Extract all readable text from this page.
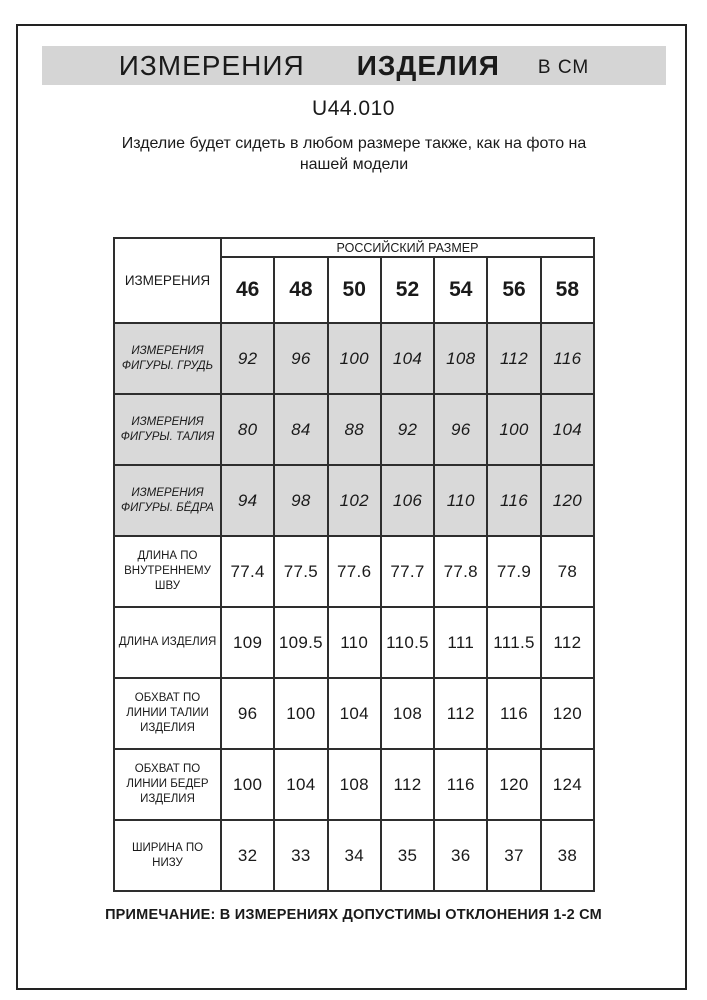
ИЗМЕРЕНИЯ ИЗДЕЛИЯ В СМ
U44.010
Изделие будет сидеть в любом размере также, как на фото на нашей модели
ИЗМЕРЕНИЯ	РОССИЙСКИЙ РАЗМЕР						
	46	48	50	52	54	56	58
ИЗМЕРЕНИЯ ФИГУРЫ. ГРУДЬ	92	96	100	104	108	112	116
ИЗМЕРЕНИЯ ФИГУРЫ. ТАЛИЯ	80	84	88	92	96	100	104
ИЗМЕРЕНИЯ ФИГУРЫ. БЁДРА	94	98	102	106	110	116	120
ДЛИНА ПО ВНУТРЕННЕМУ ШВУ	77.4	77.5	77.6	77.7	77.8	77.9	78
ДЛИНА ИЗДЕЛИЯ	109	109.5	110	110.5	111	111.5	112
ОБХВАТ ПО ЛИНИИ ТАЛИИ ИЗДЕЛИЯ	96	100	104	108	112	116	120
ОБХВАТ ПО ЛИНИИ БЕДЕР ИЗДЕЛИЯ	100	104	108	112	116	120	124
ШИРИНА ПО НИЗУ	32	33	34	35	36	37	38
ПРИМЕЧАНИЕ: В ИЗМЕРЕНИЯХ ДОПУСТИМЫ ОТКЛОНЕНИЯ 1-2 СМ
